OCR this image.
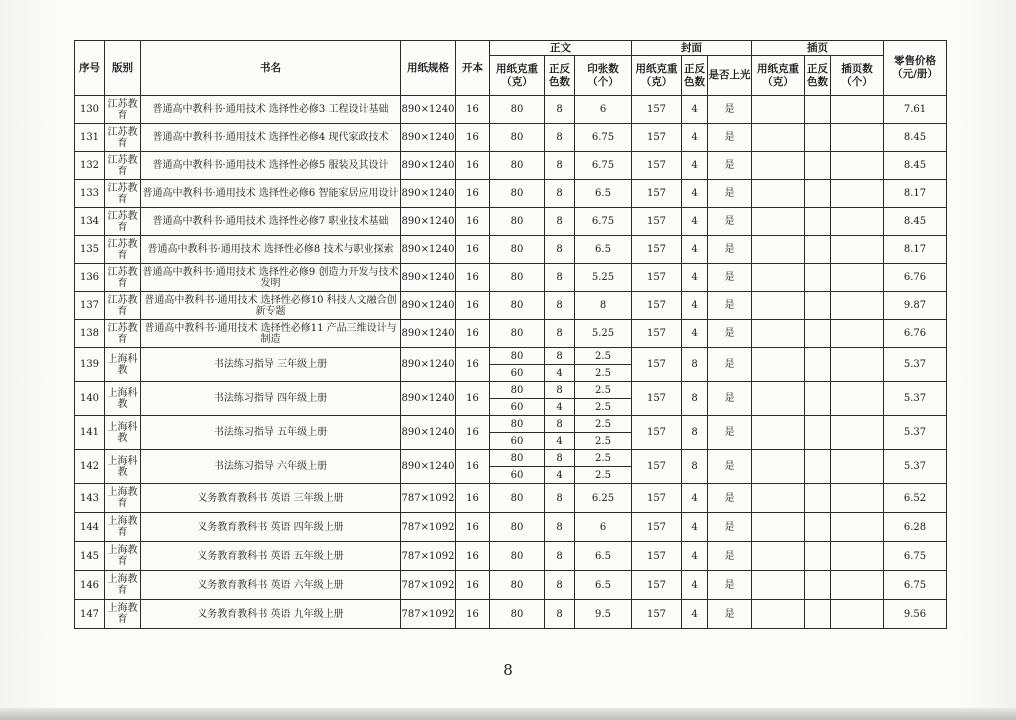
序号	版别	书名	用纸规格	开本	正文			封面			插页			零售价格（元/册）
					用纸克重（克）	正反色数	印张数（个）	用纸克重（克）	正反色数	是否上光	用纸克重（克）	正反色数	插页数（个）	
130	江苏教育	普通高中教科书·通用技术 选择性必修3 工程设计基础	890×1240	16	80	8	6	157	4	是				7.61
131	江苏教育	普通高中教科书·通用技术 选择性必修4 现代家政技术	890×1240	16	80	8	6.75	157	4	是				8.45
132	江苏教育	普通高中教科书·通用技术 选择性必修5 服装及其设计	890×1240	16	80	8	6.75	157	4	是				8.45
133	江苏教育	普通高中教科书·通用技术 选择性必修6 智能家居应用设计	890×1240	16	80	8	6.5	157	4	是				8.17
134	江苏教育	普通高中教科书·通用技术 选择性必修7 职业技术基础	890×1240	16	80	8	6.75	157	4	是				8.45
135	江苏教育	普通高中教科书·通用技术 选择性必修8 技术与职业探索	890×1240	16	80	8	6.5	157	4	是				8.17
136	江苏教育	普通高中教科书·通用技术 选择性必修9 创造力开发与技术发明	890×1240	16	80	8	5.25	157	4	是				6.76
137	江苏教育	普通高中教科书·通用技术 选择性必修10 科技人文融合创新专题	890×1240	16	80	8	8	157	4	是				9.87
138	江苏教育	普通高中教科书·通用技术 选择性必修11 产品三维设计与制造	890×1240	16	80	8	5.25	157	4	是				6.76
139	上海科教	书法练习指导 三年级上册	890×1240	16	80	8	2.5	157	8	是				5.37
					60	4	2.5							
140	上海科教	书法练习指导 四年级上册	890×1240	16	80	8	2.5	157	8	是				5.37
					60	4	2.5							
141	上海科教	书法练习指导 五年级上册	890×1240	16	80	8	2.5	157	8	是				5.37
					60	4	2.5							
142	上海科教	书法练习指导 六年级上册	890×1240	16	80	8	2.5	157	8	是				5.37
					60	4	2.5							
143	上海教育	义务教育教科书 英语 三年级上册	787×1092	16	80	8	6.25	157	4	是				6.52
144	上海教育	义务教育教科书 英语 四年级上册	787×1092	16	80	8	6	157	4	是				6.28
145	上海教育	义务教育教科书 英语 五年级上册	787×1092	16	80	8	6.5	157	4	是				6.75
146	上海教育	义务教育教科书 英语 六年级上册	787×1092	16	80	8	6.5	157	4	是				6.75
147	上海教育	义务教育教科书 英语 九年级上册	787×1092	16	80	8	9.5	157	4	是				9.56
8
